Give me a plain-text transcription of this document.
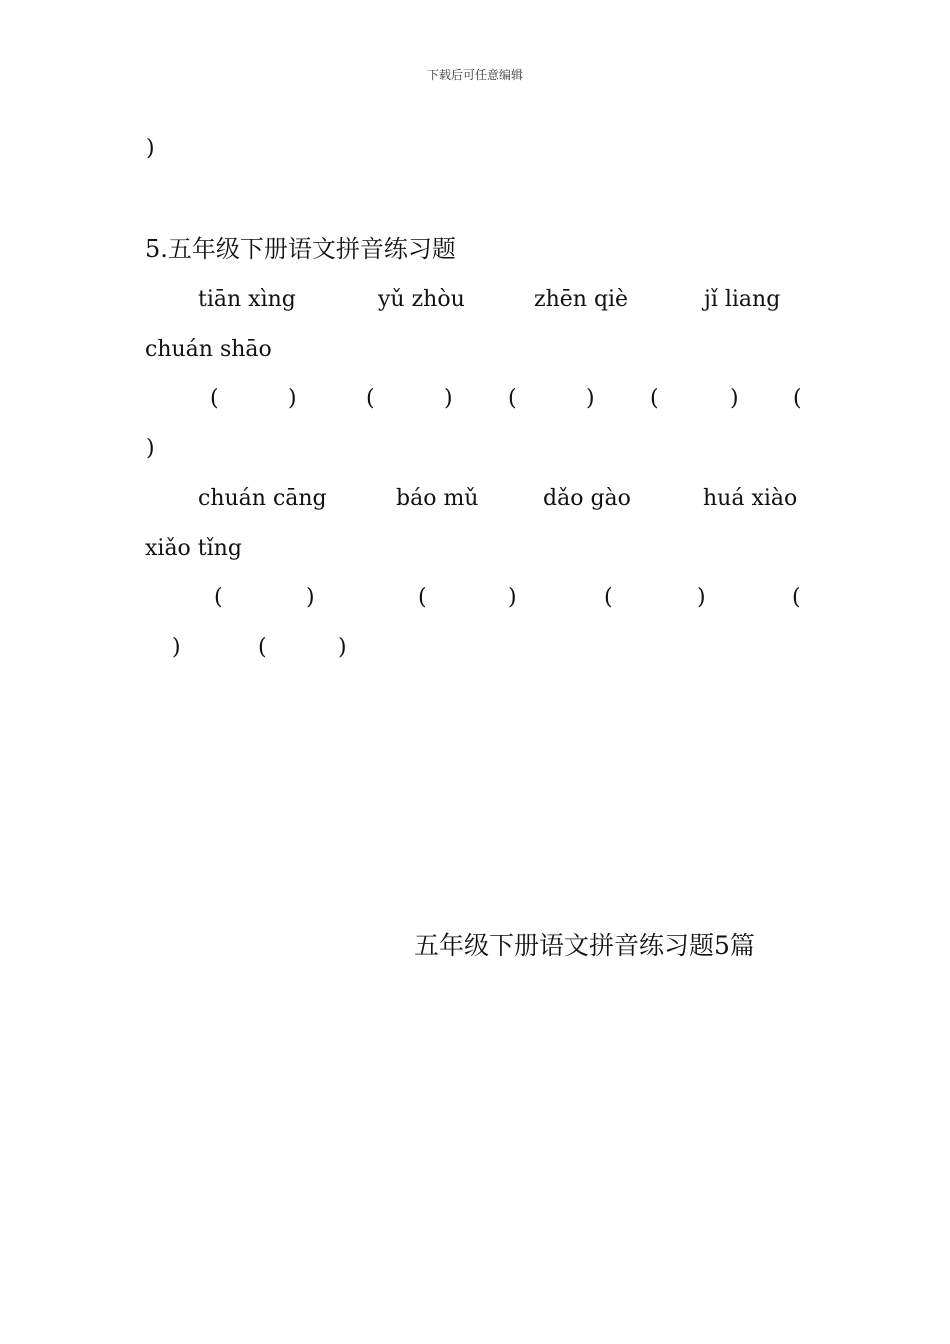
下载后可任意编辑
)
5.五年级下册语文拼音练习题
tiān xìng	yǔ zhòu	zhēn qiè	jǐ liang
chuán shāo
(	)	(	)	(	)	(	) (
)
chuán cāng	báo mǔ	dǎo gào	huá xiào
xiǎo tǐng
(	)	(	)	(	)	(
)	(	)
五年级下册语文拼音练习题5篇
